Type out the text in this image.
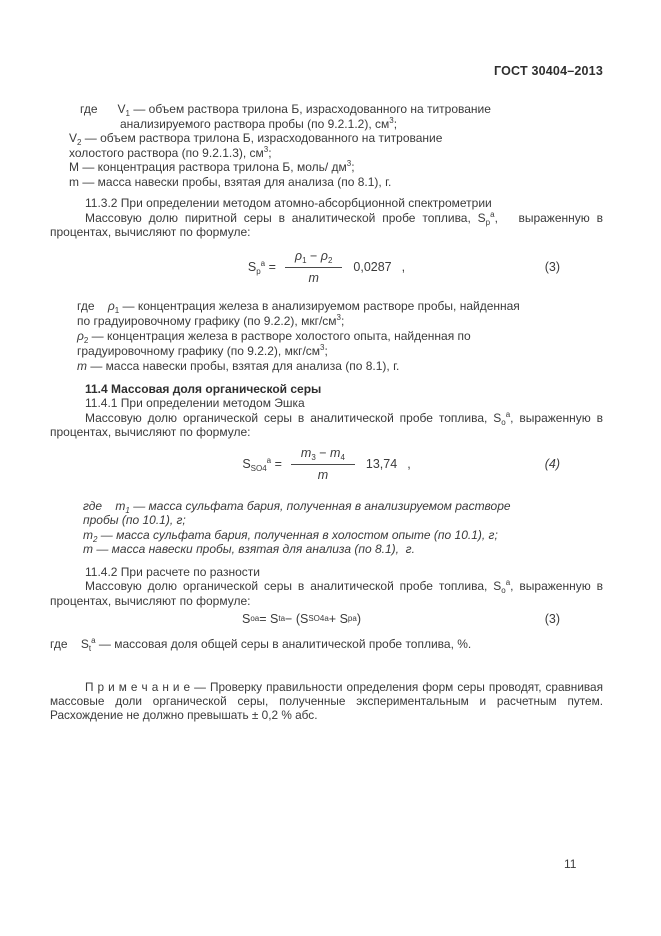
ГОСТ 30404–2013
где      $V_1$ — объем раствора трилона Б, израсходованного на титрование
анализируемого раствора пробы (по 9.2.1.2), $см^3$;
$V_2$ — объем раствора трилона Б, израсходованного на титрование
холостого раствора (по 9.2.1.3), $см^3$;
М — концентрация раствора трилона Б, моль/ $дм^3$;
m — масса навески пробы, взятая для анализа (по 8.1), г.
11.3.2 При определении методом атомно-абсорбционной спектрометрии
Массовую долю пиритной серы в аналитической пробе топлива, $S_p^а$,   выраженную в
процентах, вычисляют по формуле:
$S_p^а = \frac{\rho_1 - \rho_2}{m} 0,0287$ ,	(3)
где    $\rho_1$ — концентрация железа в анализируемом растворе пробы, найденная
по градуировочному графику (по 9.2.2), мкг/$см^3$;
$\rho_2$ — концентрация железа в растворе холостого опыта, найденная по
градуировочному графику (по 9.2.2), мкг/$см^3$;
m — масса навески пробы, взятая для анализа (по 8.1), г.
11.4 Массовая доля органической серы
11.4.1 При определении методом Эшка
Массовую долю органической серы в аналитической пробе топлива, $S_о^а$, выраженную в
процентах, вычисляют по формуле:
$S_{SO4}^а = \frac{m_3 - m_4}{m} 13,74$ ,	(4)
где    $m_1$ — масса сульфата бария, полученная в анализируемом растворе
пробы (по 10.1), г;
$m_2$ — масса сульфата бария, полученная в холостом опыте (по 10.1), г;
m — масса навески пробы, взятая для анализа (по 8.1),  г.
11.4.2 При расчете по разности
Массовую долю органической серы в аналитической пробе топлива, $S_о^а$, выраженную в
процентах, вычисляют по формуле:
S о а = S t а − (S SO4 а + S p а )	(3)
где    $S_t^а$ — массовая доля общей серы в аналитической пробе топлива, %.
П р и м е ч а н и е — Проверку правильности определения форм серы проводят, сравнивая
массовые доли органической серы, полученные экспериментальным и расчетным путем.
Расхождение не должно превышать ± 0,2 % абс.
11
